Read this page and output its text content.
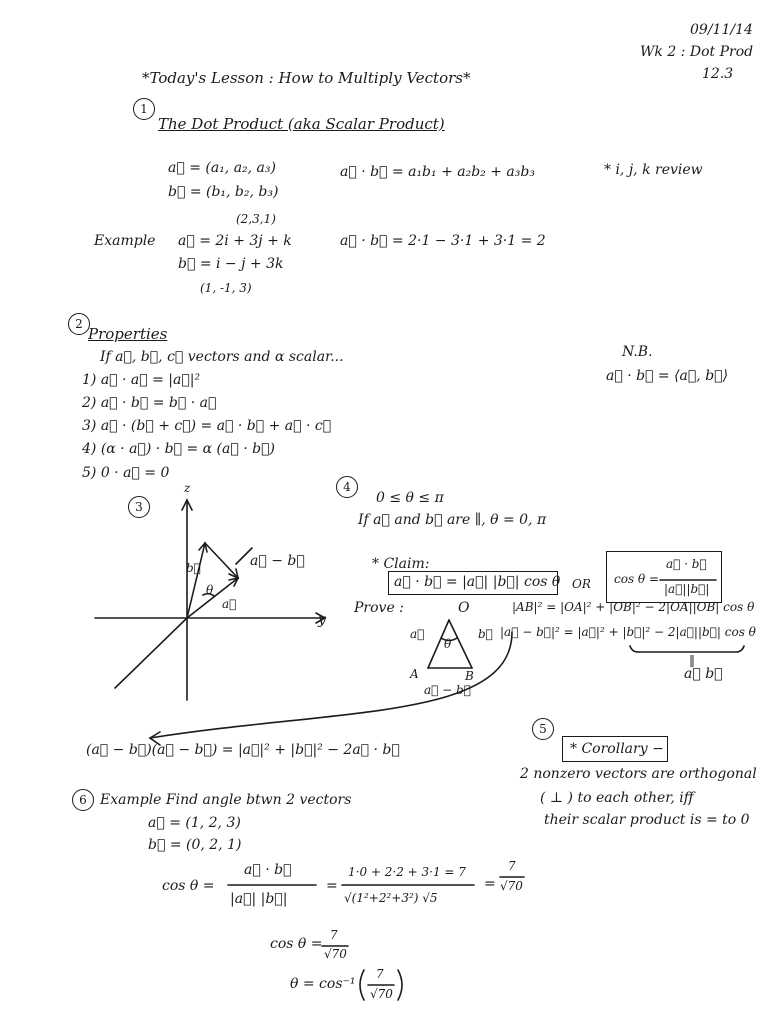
09/11/14
Wk 2 : Dot Prod
12.3
*Today's Lesson : How to Multiply Vectors*
1
The Dot Product (aka Scalar Product)
a⃗ = (a₁, a₂, a₃)
b⃗ = (b₁, b₂, b₃)
a⃗ · b⃗ = a₁b₁ + a₂b₂ + a₃b₃	* i, j, k review
(2,3,1)
Example a⃗ = 2i + 3j + k
b⃗ = i − j + 3k
(1, -1, 3)
a⃗ · b⃗ = 2·1 − 3·1 + 3·1 = 2
2
Properties
If a⃗, b⃗, c⃗ vectors and α scalar...
1) a⃗ · a⃗ = |a⃗|²
2) a⃗ · b⃗ = b⃗ · a⃗
3) a⃗ · (b⃗ + c⃗) = a⃗ · b⃗ + a⃗ · c⃗
4) (α · a⃗) · b⃗ = α (a⃗ · b⃗)
5) 0 · a⃗ = 0
N.B.
a⃗ · b⃗ = ⟨a⃗, b⃗⟩
3
z
y
b⃗
a⃗
θ
a⃗ − b⃗
4
0 ≤ θ ≤ π
If a⃗ and b⃗ are ∥, θ = 0, π
* Claim:
a⃗ · b⃗ = |a⃗| |b⃗| cos θ OR cos θ =
a⃗ · b⃗
|a⃗||b⃗|
Prove :	O
θ
a⃗	b⃗
A	B
a⃗ − b⃗
|AB|² = |OA|² + |OB|² − 2|OA||OB| cos θ
|a⃗ − b⃗|² = |a⃗|² + |b⃗|² − 2|a⃗||b⃗| cos θ
‖
a⃗ b⃗
(a⃗ − b⃗)(a⃗ − b⃗) = |a⃗|² + |b⃗|² − 2a⃗ · b⃗
5
* Corollary −
2 nonzero vectors are orthogonal
( ⊥ ) to each other, iff
their scalar product is = to 0
6 Example Find angle btwn 2 vectors
a⃗ = (1, 2, 3)
b⃗ = (0, 2, 1)
cos θ =
a⃗ · b⃗
|a⃗| |b⃗|
=
1·0 + 2·2 + 3·1 = 7
√(1²+2²+3²) √5
=
7
√70
cos θ =
7
√70
θ = cos⁻¹
7
√70
